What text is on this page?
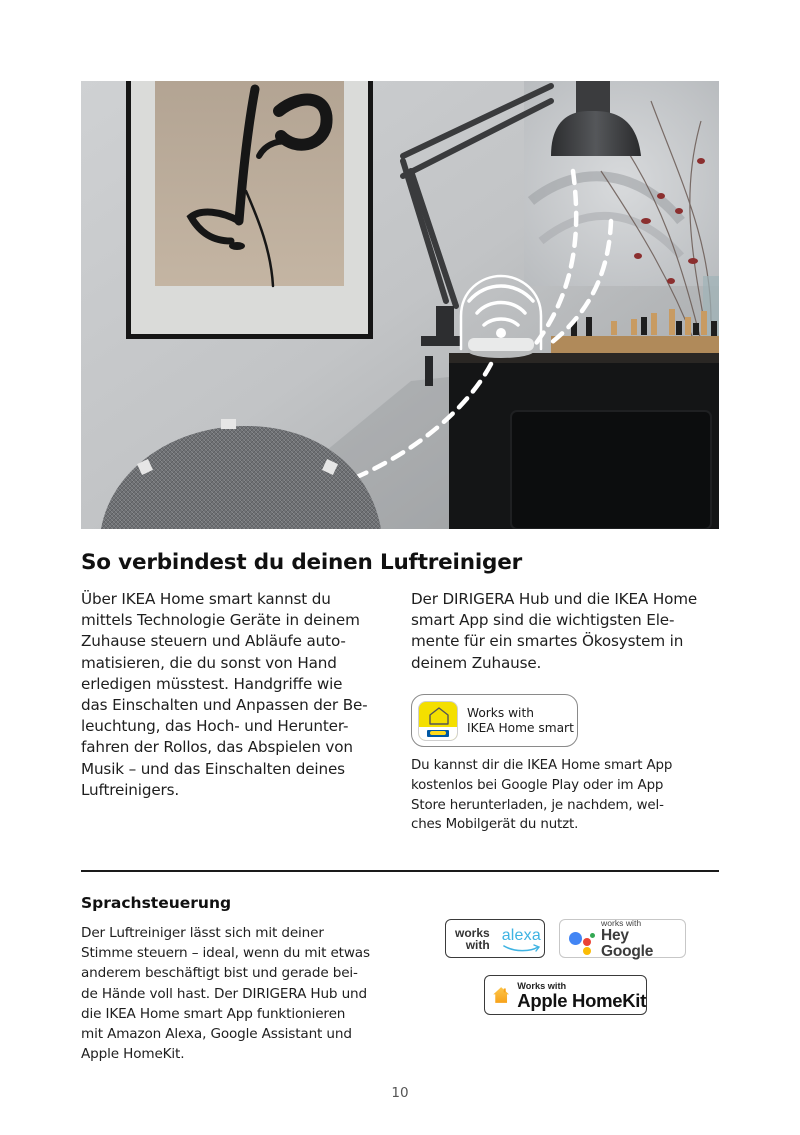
So verbindest du deinen Luftreiniger
Über IKEA Home smart kannst du
mittels Technologie Geräte in deinem
Zuhause steuern und Abläufe auto-
matisieren, die du sonst von Hand
erledigen müsstest. Handgriffe wie
das Einschalten und Anpassen der Be-
leuchtung, das Hoch- und Herunter-
fahren der Rollos, das Abspielen von
Musik – und das Einschalten deines
Luftreinigers.
Der DIRIGERA Hub und die IKEA Home
smart App sind die wichtigsten Ele-
mente für ein smartes Ökosystem in
deinem Zuhause.
Works with
IKEA Home smart
Du kannst dir die IKEA Home smart App
kostenlos bei Google Play oder im App
Store herunterladen, je nachdem, wel-
ches Mobilgerät du nutzt.
Sprachsteuerung
Der Luftreiniger lässt sich mit deiner
Stimme steuern – ideal, wenn du mit etwas
anderem beschäftigt bist und gerade bei-
de Hände voll hast. Der DIRIGERA Hub und
die IKEA Home smart App funktionieren
mit Amazon Alexa, Google Assistant und
Apple HomeKit.
works
with
alexa
works with
Hey Google
Works with
Apple HomeKit
10
